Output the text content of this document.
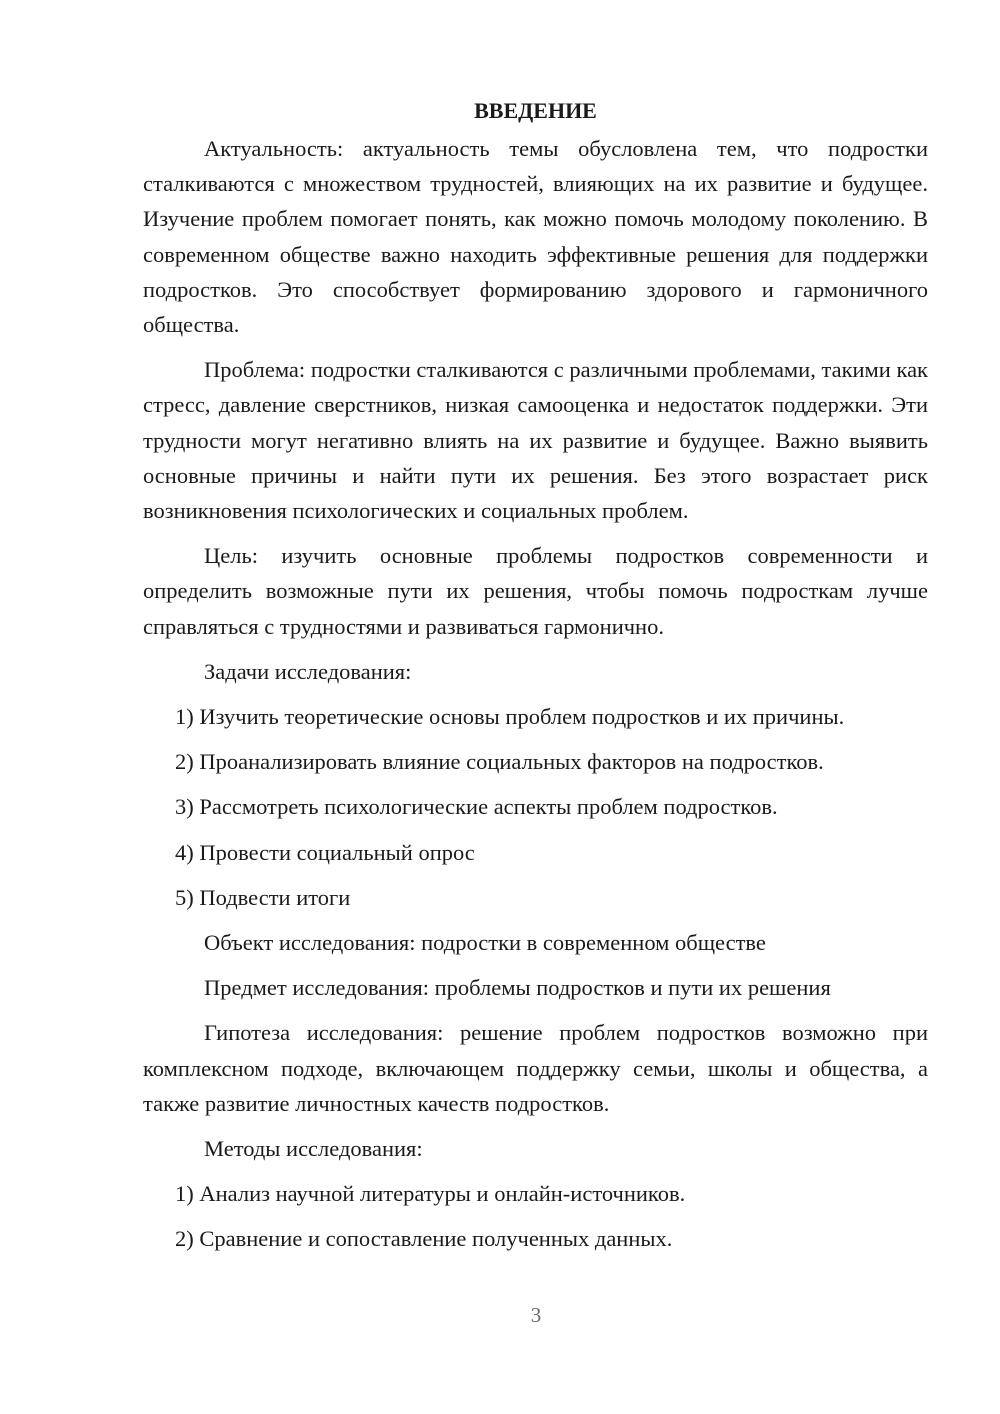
ВВЕДЕНИЕ

Актуальность: актуальность темы обусловлена тем, что подростки сталкиваются с множеством трудностей, влияющих на их развитие и будущее. Изучение проблем помогает понять, как можно помочь молодому поколению. В современном обществе важно находить эффективные решения для поддержки подростков. Это способствует формированию здорового и гармоничного общества.

Проблема: подростки сталкиваются с различными проблемами, такими как стресс, давление сверстников, низкая самооценка и недостаток поддержки. Эти трудности могут негативно влиять на их развитие и будущее. Важно выявить основные причины и найти пути их решения. Без этого возрастает риск возникновения психологических и социальных проблем.

Цель: изучить основные проблемы подростков современности и определить возможные пути их решения, чтобы помочь подросткам лучше справляться с трудностями и развиваться гармонично.

Задачи исследования:
1) Изучить теоретические основы проблем подростков и их причины.
2) Проанализировать влияние социальных факторов на подростков.
3) Рассмотреть психологические аспекты проблем подростков.
4) Провести социальный опрос
5) Подвести итоги
Объект исследования: подростки в современном обществе
Предмет исследования: проблемы подростков и пути их решения

Гипотеза исследования: решение проблем подростков возможно при комплексном подходе, включающем поддержку семьи, школы и общества, а также развитие личностных качеств подростков.

Методы исследования:
1) Анализ научной литературы и онлайн-источников.
2) Сравнение и сопоставление полученных данных.
3
